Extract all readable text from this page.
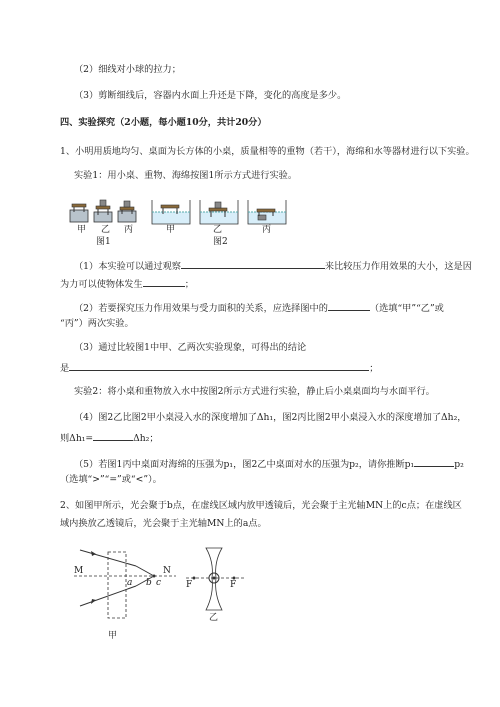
（2）细线对小球的拉力；
（3）剪断细线后，容器内水面上升还是下降，变化的高度是多少。
四、实验探究（2小题，每小题10分，共计20分）
1、小明用质地均匀、桌面为长方体的小桌，质量相等的重物（若干），海绵和水等器材进行以下实验。
实验1：用小桌、重物、海绵按图1所示方式进行实验。
甲 乙 丙
图1
甲	乙	丙
图2
（1）本实验可以通过观察	来比较压力作用效果的大小，这是因
为力可以使物体发生	；
（2）若要探究压力作用效果与受力面积的关系，应选择图中的	（选填“甲”“乙”或
“丙”）两次实验。
（3）通过比较图1中甲、乙两次实验现象，可得出的结论
是	；
实验2：将小桌和重物放入水中按图2所示方式进行实验，静止后小桌桌面均与水面平行。
（4）图2乙比图2甲小桌浸入水的深度增加了Δh₁，图2丙比图2甲小桌浸入水的深度增加了Δh₂，
则Δh₁=	Δh₂；
（5）若图1丙中桌面对海绵的压强为p₁，图2乙中桌面对水的压强为p₂，请你推断p₁	p₂
（选填“>”“=”或“<”）。
2、如图甲所示，光会聚于b点，在虚线区域内放甲透镜后，光会聚于主光轴MN上的c点；在虚线区
域内换放乙透镜后，光会聚于主光轴MN上的a点。
M	N
a b c
甲
F	F
乙
